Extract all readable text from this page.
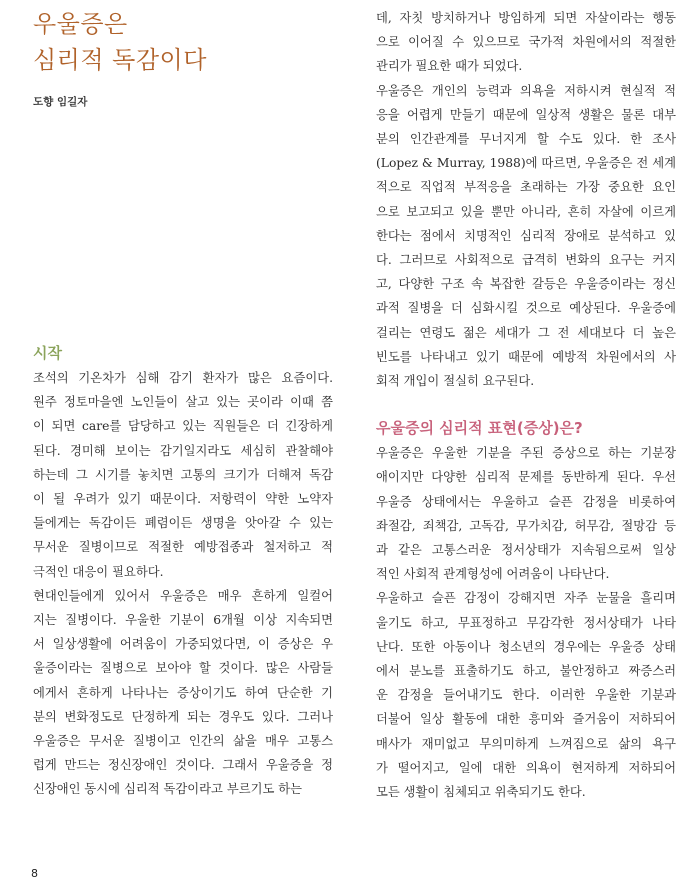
우울증은
심리적 독감이다
도향 임길자
시작

조석의 기온차가 심해 감기 환자가 많은 요즘이다.
원주 정토마을엔 노인들이 살고 있는 곳이라 이때 쯤
이 되면 care를 담당하고 있는 직원들은 더 긴장하게
된다. 경미해 보이는 감기일지라도 세심히 관찰해야
하는데 그 시기를 놓치면 고통의 크기가 더해져 독감
이 될 우려가 있기 때문이다. 저항력이 약한 노약자
들에게는 독감이든 폐렴이든 생명을 앗아갈 수 있는
무서운 질병이므로 적절한 예방접종과 철저하고 적
극적인 대응이 필요하다.

현대인들에게 있어서 우울증은 매우 흔하게 일컬어
지는 질병이다. 우울한 기분이 6개월 이상 지속되면
서 일상생활에 어려움이 가중되었다면, 이 증상은 우
울증이라는 질병으로 보아야 할 것이다. 많은 사람들
에게서 흔하게 나타나는 증상이기도 하여 단순한 기
분의 변화정도로 단정하게 되는 경우도 있다. 그러나
우울증은 무서운 질병이고 인간의 삶을 매우 고통스
럽게 만드는 정신장애인 것이다. 그래서 우울증을 정
신장애인 동시에 심리적 독감이라고 부르기도 하는

데, 자칫 방치하거나 방임하게 되면 자살이라는 행동
으로 이어질 수 있으므로 국가적 차원에서의 적절한
관리가 필요한 때가 되었다.

우울증은 개인의 능력과 의욕을 저하시켜 현실적 적
응을 어렵게 만들기 때문에 일상적 생활은 물론 대부
분의 인간관계를 무너지게 할 수도 있다. 한 조사
(Lopez & Murray, 1988)에 따르면, 우울증은 전 세계
적으로 직업적 부적응을 초래하는 가장 중요한 요인
으로 보고되고 있을 뿐만 아니라, 흔히 자살에 이르게
한다는 점에서 치명적인 심리적 장애로 분석하고 있
다. 그러므로 사회적으로 급격히 변화의 요구는 커지
고, 다양한 구조 속 복잡한 갈등은 우울증이라는 정신
과적 질병을 더 심화시킬 것으로 예상된다. 우울증에
걸리는 연령도 젊은 세대가 그 전 세대보다 더 높은
빈도를 나타내고 있기 때문에 예방적 차원에서의 사
회적 개입이 절실히 요구된다.

우울증의 심리적 표현(증상)은?

우울증은 우울한 기분을 주된 증상으로 하는 기분장
애이지만 다양한 심리적 문제를 동반하게 된다. 우선
우울증 상태에서는 우울하고 슬픈 감정을 비롯하여
좌절감, 죄책감, 고독감, 무가치감, 허무감, 절망감 등
과 같은 고통스러운 정서상태가 지속됨으로써 일상
적인 사회적 관계형성에 어려움이 나타난다.

우울하고 슬픈 감정이 강해지면 자주 눈물을 흘리며
울기도 하고, 무표정하고 무감각한 정서상태가 나타
난다. 또한 아동이나 청소년의 경우에는 우울증 상태
에서 분노를 표출하기도 하고, 불안정하고 짜증스러
운 감정을 들어내기도 한다. 이러한 우울한 기분과
더불어 일상 활동에 대한 흥미와 즐거움이 저하되어
매사가 재미없고 무의미하게 느껴짐으로 삶의 욕구
가 떨어지고, 일에 대한 의욕이 현저하게 저하되어
모든 생활이 침체되고 위축되기도 한다.

8
